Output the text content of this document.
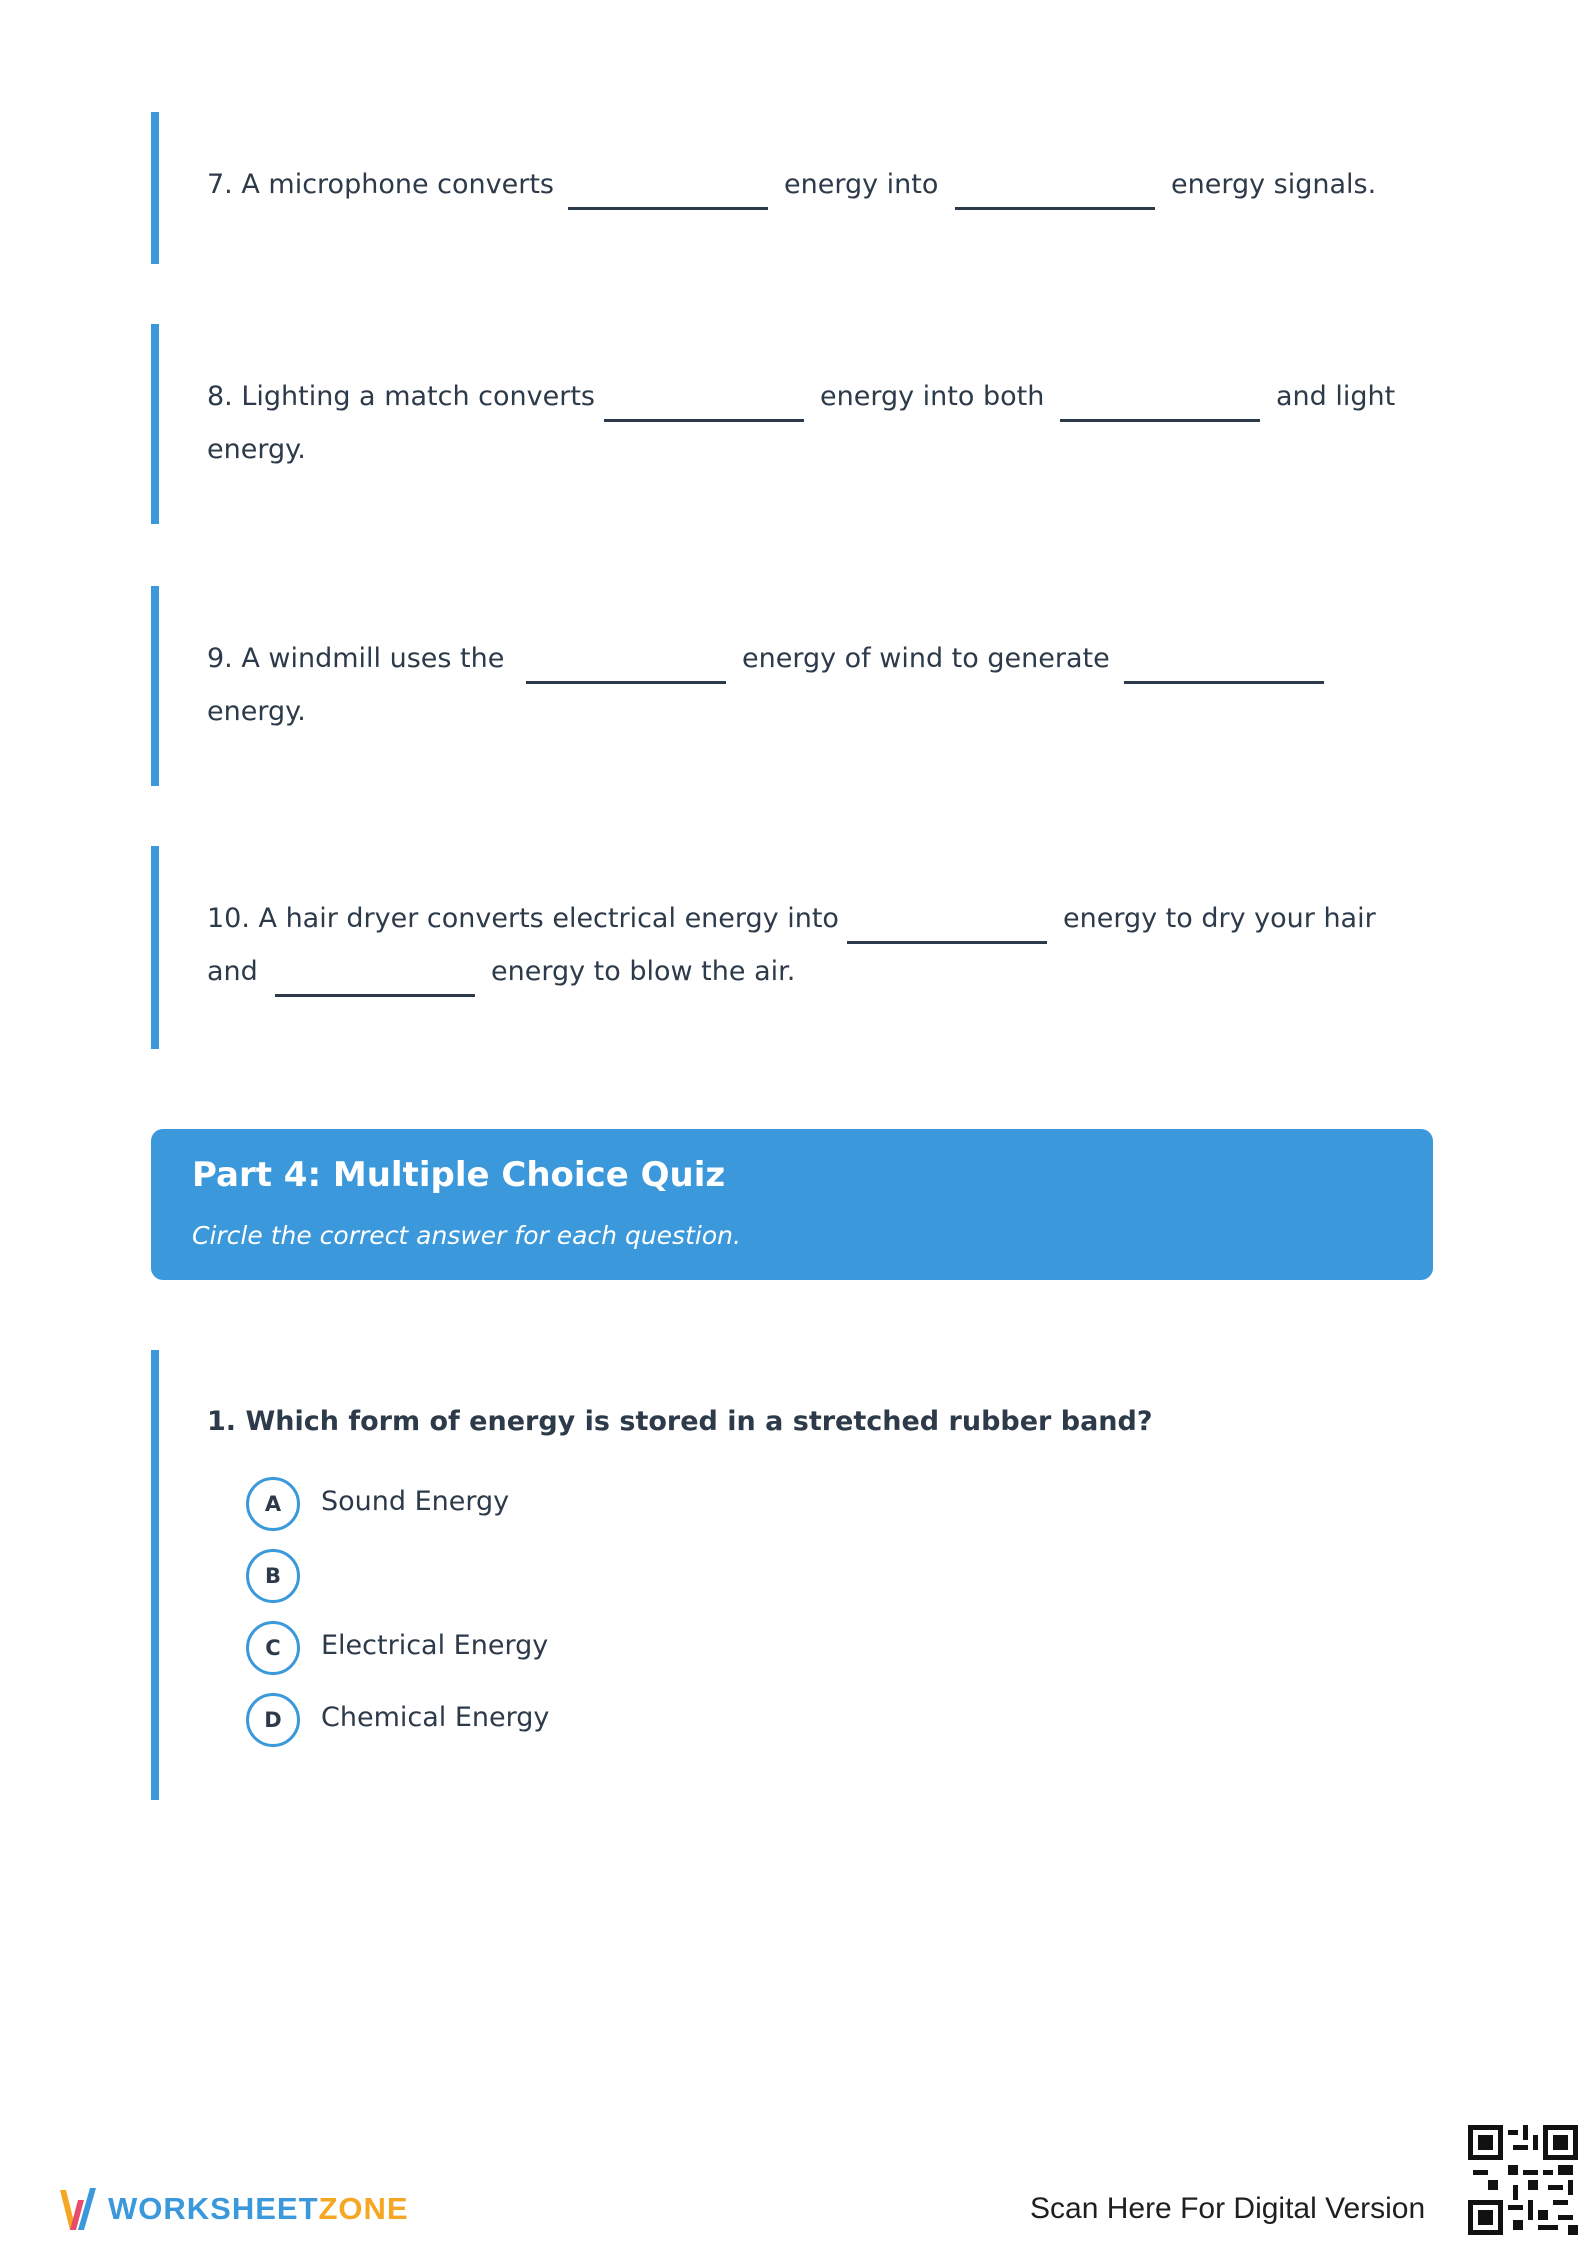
7. A microphone converts	energy into	energy signals.
8. Lighting a match converts	energy into both	and light
energy.
9. A windmill uses the	energy of wind to generate
energy.
10. A hair dryer converts electrical energy into	energy to dry your hair
and	energy to blow the air.
Part 4: Multiple Choice Quiz
Circle the correct answer for each question.
1. Which form of energy is stored in a stretched rubber band?
A	Sound Energy
B
C	Electrical Energy
D	Chemical Energy
WORKSHEETZONE	Scan Here For Digital Version
